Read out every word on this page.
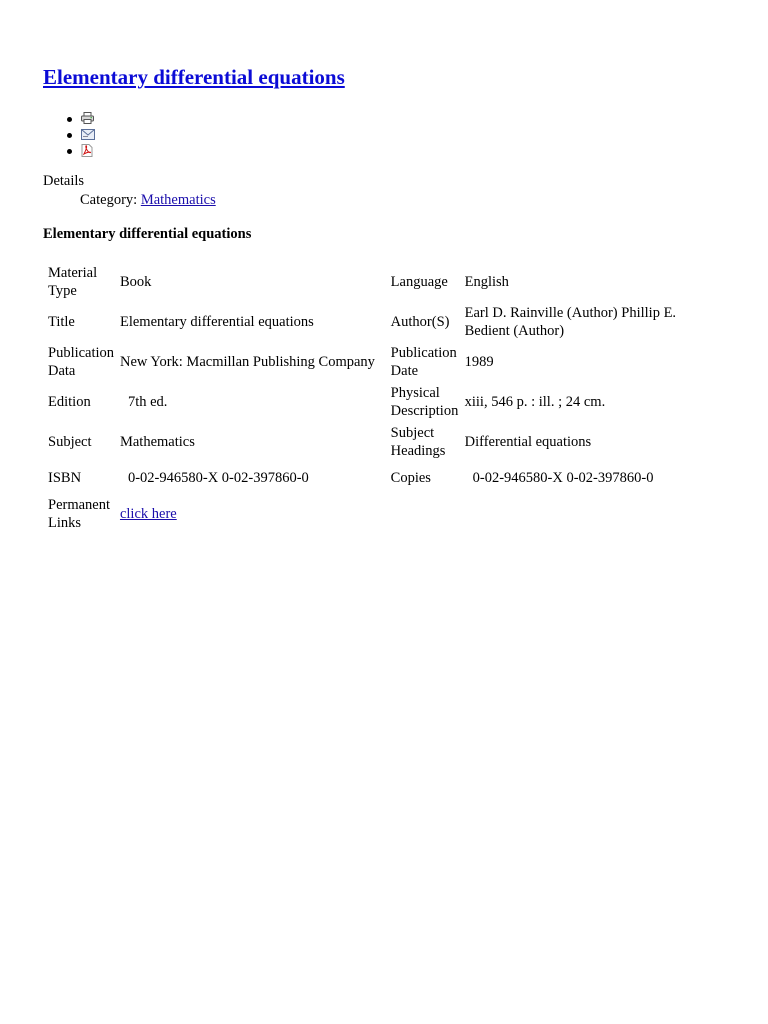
Elementary differential equations
Details
Category: Mathematics
Elementary differential equations
Material Type	Book	Language	English
Title	Elementary differential equations	Author(S)	Earl D. Rainville (Author) Phillip E. Bedient (Author)
Publication Data	New York: Macmillan Publishing Company	Publication Date	1989
Edition	7th ed.	Physical Description	xiii, 546 p. : ill. ; 24 cm.
Subject	Mathematics	Subject Headings	Differential equations
ISBN	0-02-946580-X 0-02-397860-0	Copies	0-02-946580-X 0-02-397860-0
Permanent Links	click here		
